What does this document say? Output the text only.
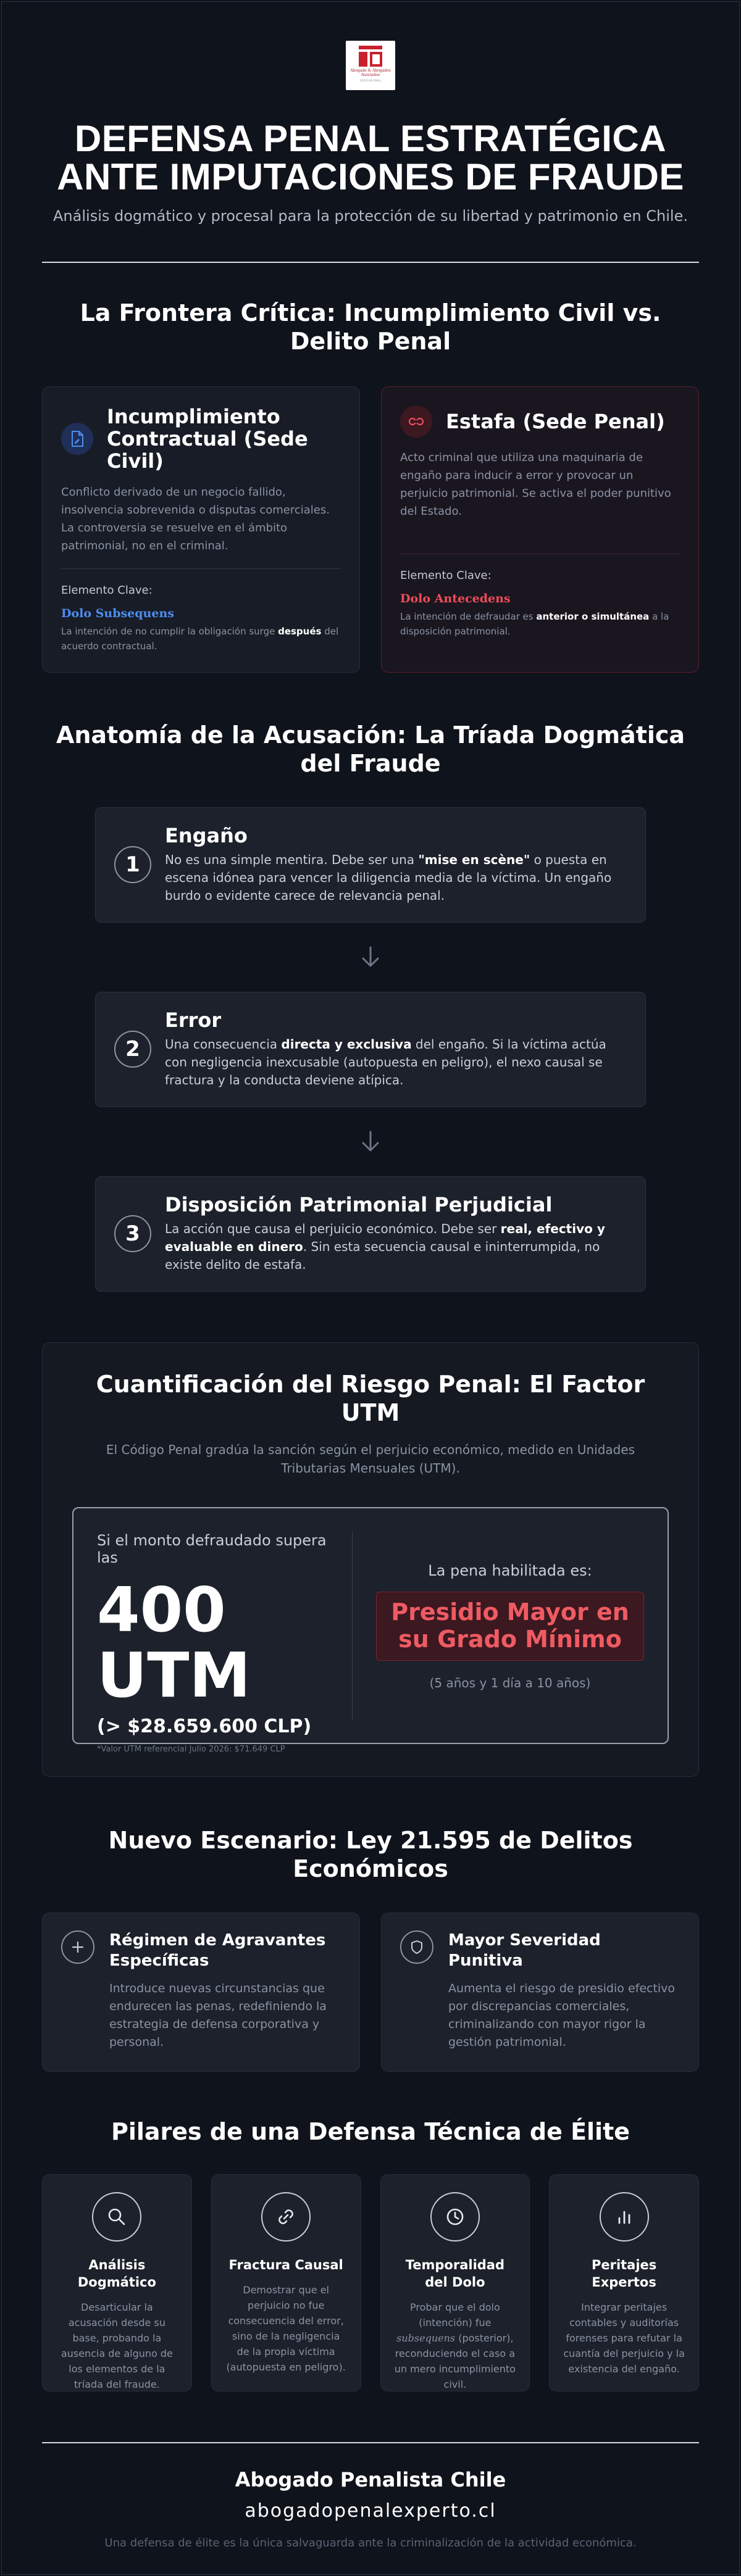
Abogado & Abogados Asociados
DERECHO PENAL
DEFENSA PENAL ESTRATÉGICA ANTE IMPUTACIONES DE FRAUDE
Análisis dogmático y procesal para la protección de su libertad y patrimonio en Chile.
La Frontera Crítica: Incumplimiento Civil vs. Delito Penal
Incumplimiento Contractual (Sede Civil)
Conflicto derivado de un negocio fallido, insolvencia sobrevenida o disputas comerciales. La controversia se resuelve en el ámbito patrimonial, no en el criminal.
Elemento Clave:
Dolo Subsequens
La intención de no cumplir la obligación surge después del acuerdo contractual.
Estafa (Sede Penal)
Acto criminal que utiliza una maquinaria de engaño para inducir a error y provocar un perjuicio patrimonial. Se activa el poder punitivo del Estado.
Elemento Clave:
Dolo Antecedens
La intención de defraudar es anterior o simultánea a la disposición patrimonial.
Anatomía de la Acusación: La Tríada Dogmática del Fraude
1
Engaño
No es una simple mentira. Debe ser una "mise en scène" o puesta en escena idónea para vencer la diligencia media de la víctima. Un engaño burdo o evidente carece de relevancia penal.
2
Error
Una consecuencia directa y exclusiva del engaño. Si la víctima actúa con negligencia inexcusable (autopuesta en peligro), el nexo causal se fractura y la conducta deviene atípica.
3
Disposición Patrimonial Perjudicial
La acción que causa el perjuicio económico. Debe ser real, efectivo y evaluable en dinero. Sin esta secuencia causal e ininterrumpida, no existe delito de estafa.
Cuantificación del Riesgo Penal: El Factor UTM
El Código Penal gradúa la sanción según el perjuicio económico, medido en Unidades Tributarias Mensuales (UTM).
Si el monto defraudado supera las
400 UTM
(> $28.659.600 CLP)
*Valor UTM referencial Julio 2026: $71.649 CLP
La pena habilitada es:
Presidio Mayor en su Grado Mínimo
(5 años y 1 día a 10 años)
Nuevo Escenario: Ley 21.595 de Delitos Económicos
Régimen de Agravantes Específicas
Introduce nuevas circunstancias que endurecen las penas, redefiniendo la estrategia de defensa corporativa y personal.
Mayor Severidad Punitiva
Aumenta el riesgo de presidio efectivo por discrepancias comerciales, criminalizando con mayor rigor la gestión patrimonial.
Pilares de una Defensa Técnica de Élite
Análisis Dogmático
Desarticular la acusación desde su base, probando la ausencia de alguno de los elementos de la tríada del fraude.
Fractura Causal
Demostrar que el perjuicio no fue consecuencia del error, sino de la negligencia de la propia víctima (autopuesta en peligro).
Temporalidad del Dolo
Probar que el dolo (intención) fue subsequens (posterior), reconduciendo el caso a un mero incumplimiento civil.
Peritajes Expertos
Integrar peritajes contables y auditorías forenses para refutar la cuantía del perjuicio y la existencia del engaño.
Abogado Penalista Chile
abogadopenalexperto.cl
Una defensa de élite es la única salvaguarda ante la criminalización de la actividad económica.
